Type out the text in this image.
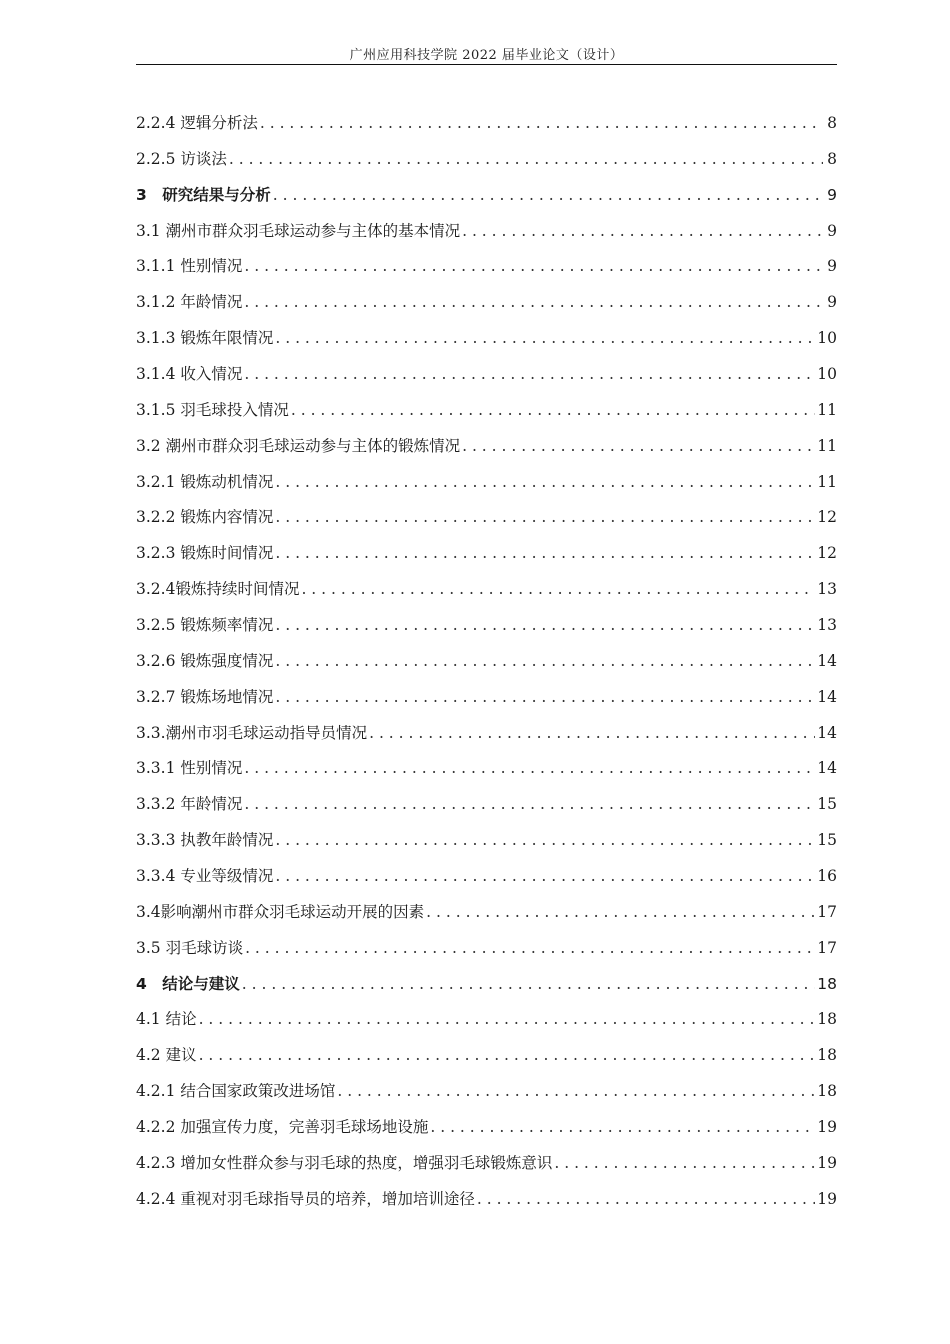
广州应用科技学院 2022 届毕业论文（设计）
2.2.4 逻辑分析法 . . .	8
2.2.5 访谈法 . . .	8
3　研究结果与分析 . . .	9
3.1 潮州市群众羽毛球运动参与主体的基本情况 . . .	9
3.1.1 性别情况 . . .	9
3.1.2 年龄情况 . . .	9
3.1.3 锻炼年限情况 . . .	10
3.1.4 收入情况 . . .	10
3.1.5 羽毛球投入情况 . . .	11
3.2 潮州市群众羽毛球运动参与主体的锻炼情况 . . .	11
3.2.1 锻炼动机情况 . . .	11
3.2.2 锻炼内容情况 . . .	12
3.2.3 锻炼时间情况 . . .	12
3.2.4锻炼持续时间情况 . . .	13
3.2.5 锻炼频率情况 . . .	13
3.2.6 锻炼强度情况 . . .	14
3.2.7 锻炼场地情况 . . .	14
3.3.潮州市羽毛球运动指导员情况 . . .	14
3.3.1 性别情况 . . .	14
3.3.2 年龄情况 . . .	15
3.3.3 执教年龄情况 . . .	15
3.3.4 专业等级情况 . . .	16
3.4影响潮州市群众羽毛球运动开展的因素 . . .	17
3.5 羽毛球访谈 . . .	17
4　结论与建议 . . .	18
4.1 结论 . . .	18
4.2 建议 . . .	18
4.2.1 结合国家政策改进场馆 . . .	18
4.2.2 加强宣传力度，完善羽毛球场地设施 . . .	19
4.2.3 增加女性群众参与羽毛球的热度，增强羽毛球锻炼意识 . . .	19
4.2.4 重视对羽毛球指导员的培养，增加培训途径 . . .	19
